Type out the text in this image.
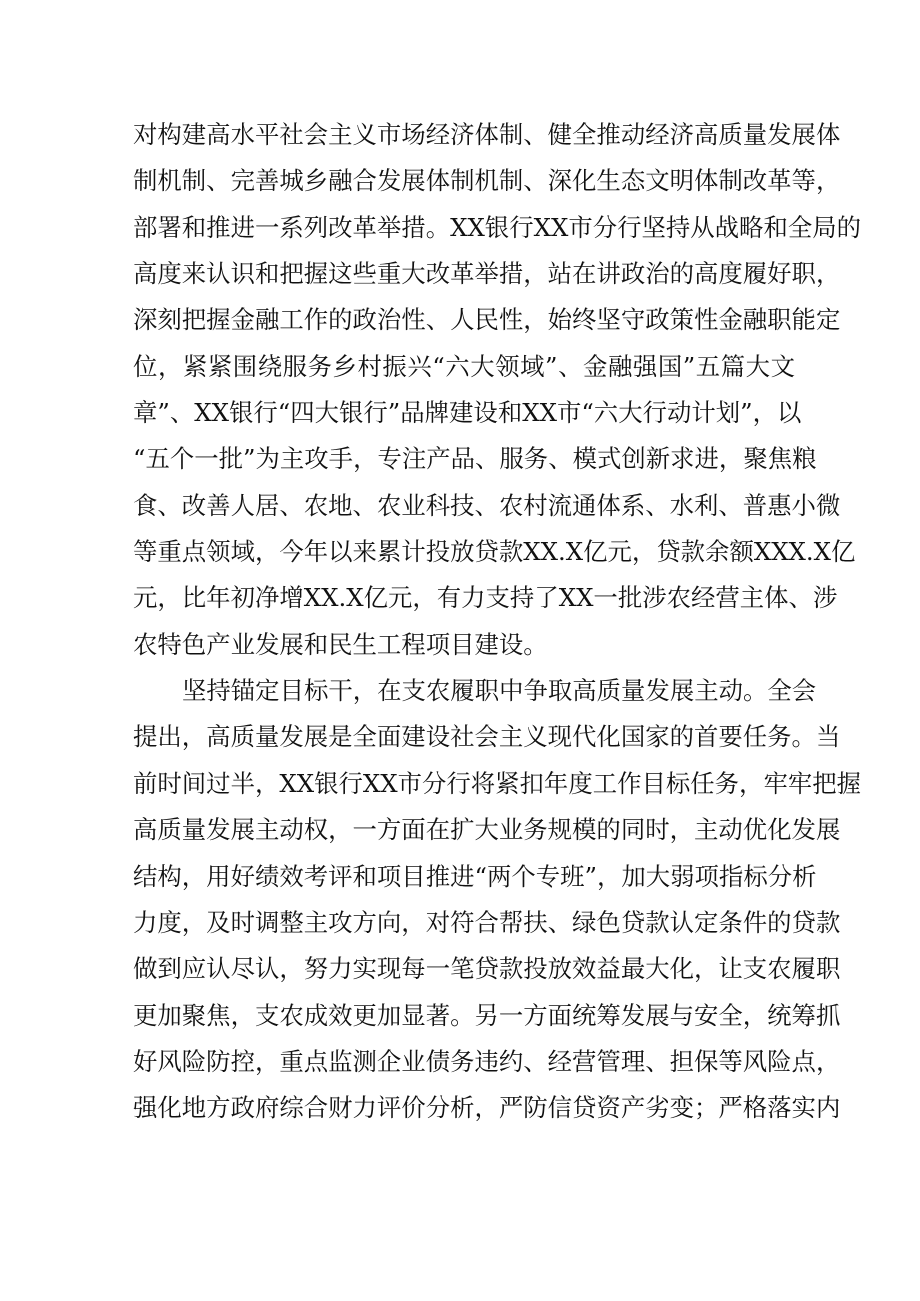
对构建高水平社会主义市场经济体制、健全推动经济高质量发展体
制机制、完善城乡融合发展体制机制、深化生态文明体制改革等，
部署和推进一系列改革举措。XX银行XX市分行坚持从战略和全局的
高度来认识和把握这些重大改革举措，站在讲政治的高度履好职，
深刻把握金融工作的政治性、人民性，始终坚守政策性金融职能定
位，紧紧围绕服务乡村振兴“六大领域”、金融强国”五篇大文
章”、XX银行“四大银行”品牌建设和XX市“六大行动计划”，以
“五个一批”为主攻手，专注产品、服务、模式创新求进，聚焦粮
食、改善人居、农地、农业科技、农村流通体系、水利、普惠小微
等重点领域，今年以来累计投放贷款XX.X亿元，贷款余额XXX.X亿
元，比年初净增XX.X亿元，有力支持了XX一批涉农经营主体、涉
农特色产业发展和民生工程项目建设。
坚持锚定目标干，在支农履职中争取高质量发展主动。全会
提出，高质量发展是全面建设社会主义现代化国家的首要任务。当
前时间过半，XX银行XX市分行将紧扣年度工作目标任务，牢牢把握
高质量发展主动权，一方面在扩大业务规模的同时，主动优化发展
结构，用好绩效考评和项目推进“两个专班”，加大弱项指标分析
力度，及时调整主攻方向，对符合帮扶、绿色贷款认定条件的贷款
做到应认尽认，努力实现每一笔贷款投放效益最大化，让支农履职
更加聚焦，支农成效更加显著。另一方面统筹发展与安全，统筹抓
好风险防控，重点监测企业债务违约、经营管理、担保等风险点，
强化地方政府综合财力评价分析，严防信贷资产劣变；严格落实内
